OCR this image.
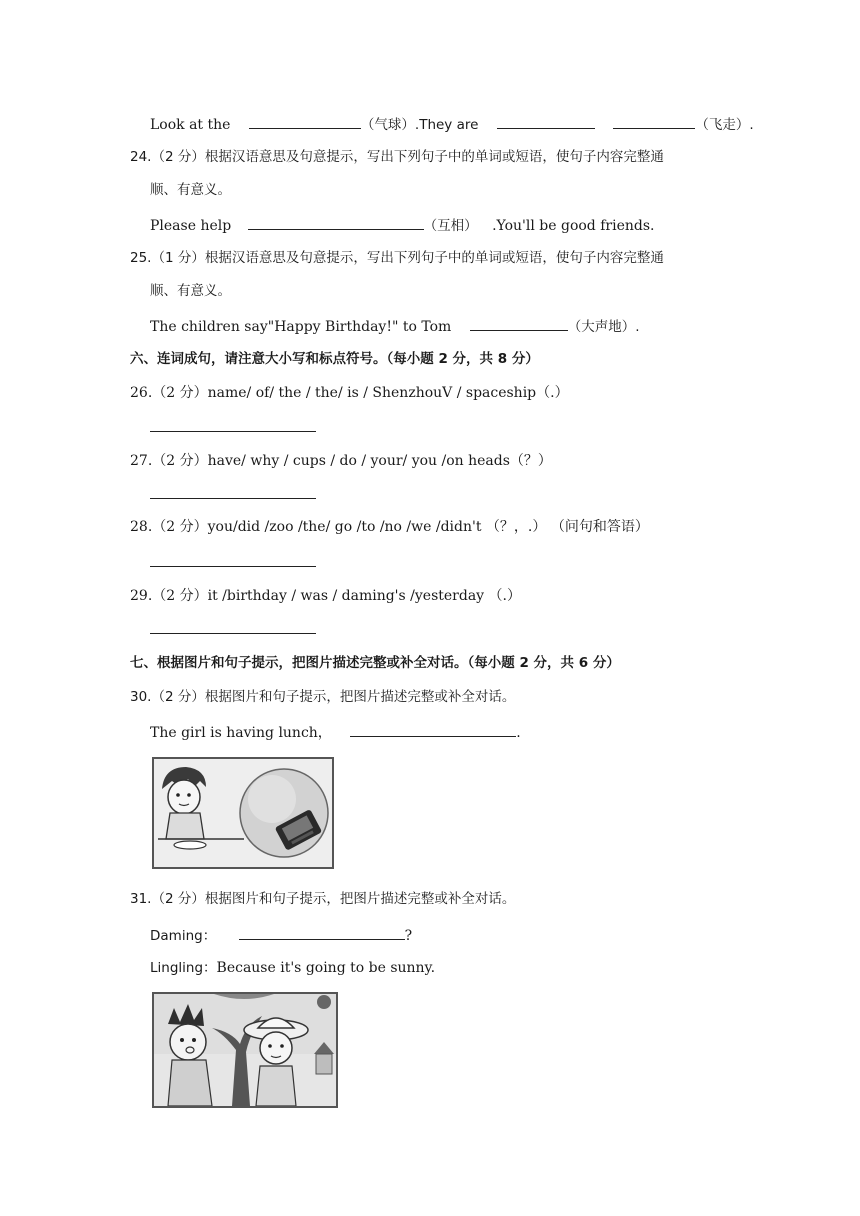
Look at the	（气球）.They are	（飞走）.
24.（2 分）根据汉语意思及句意提示，写出下列句子中的单词或短语，使句子内容完整通
顺、有意义。
Please help	（互相） .You'll be good friends.
25.（1 分）根据汉语意思及句意提示，写出下列句子中的单词或短语，使句子内容完整通
顺、有意义。
The children say"Happy Birthday!" to Tom	（大声地）.
六、连词成句，请注意大小写和标点符号。（每小题 2 分，共 8 分）
26.（2 分）name/ of/ the / the/ is / ShenzhouV / spaceship（.）
27.（2 分）have/ why / cups / do / your/ you /on heads（？）
28.（2 分）you/did /zoo /the/ go /to /no /we /didn't （？，.） （问句和答语）
29.（2 分）it /birthday / was / daming's /yesterday （.）
七、根据图片和句子提示，把图片描述完整或补全对话。（每小题 2 分，共 6 分）
30.（2 分）根据图片和句子提示，把图片描述完整或补全对话。
The girl is having lunch，	.
31.（2 分）根据图片和句子提示，把图片描述完整或补全对话。
Daming：	?
Lingling：Because it's going to be sunny.
